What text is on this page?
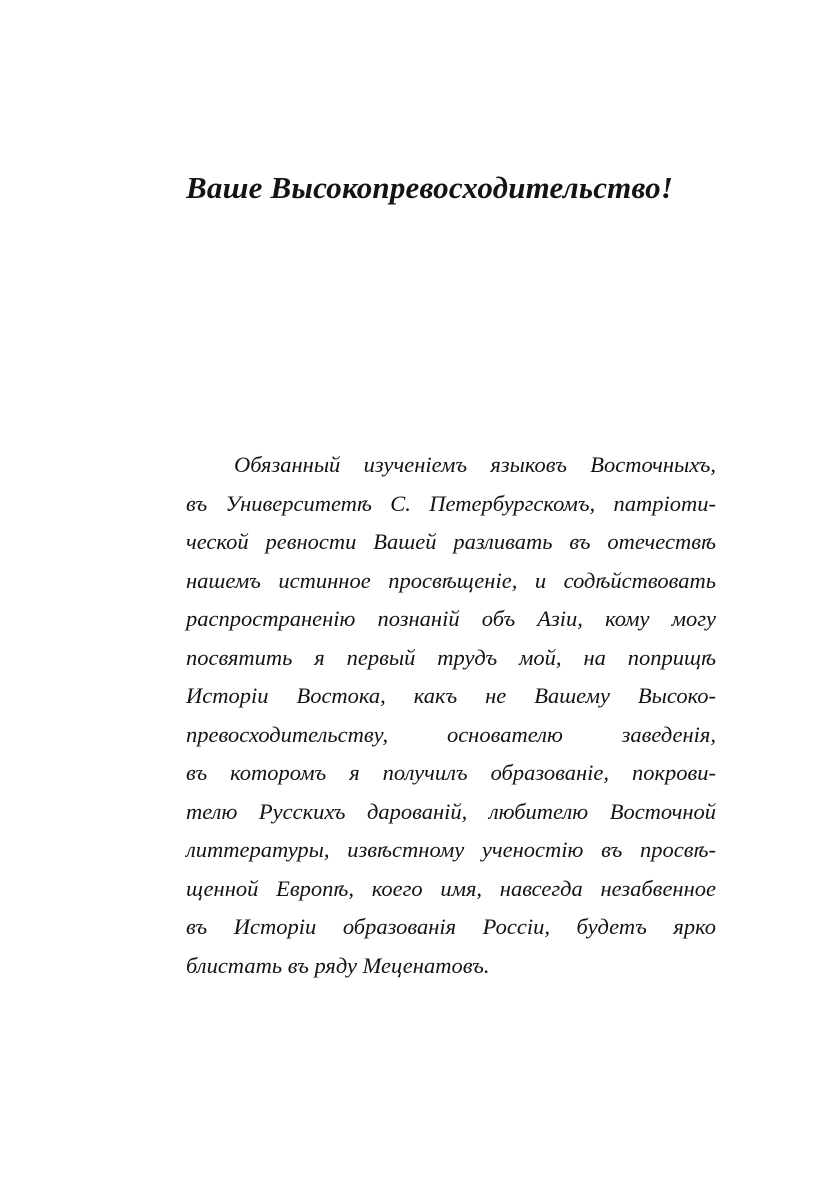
Ваше Высокопревосходительство!
Обязанный изученіемъ языковъ Восточныхъ,
въ Университетѣ С. Петербургскомъ, патріоти-
ческой ревности Вашей разливать въ отечествѣ
нашемъ истинное просвѣщеніе, и содѣйствовать
распространенію познаній объ Азіи, кому могу
посвятить я первый трудъ мой, на поприщѣ
Исторіи Востока, какъ не Вашему Высоко-
превосходительству, основателю заведенія,
въ которомъ я получилъ образованіе, покрови-
телю Русскихъ дарованій, любителю Восточной
литтературы, извѣстному ученостію въ просвѣ-
щенной Европѣ, коего имя, навсегда незабвенное
въ Исторіи образованія Россіи, будетъ ярко
блистать въ ряду Меценатовъ.
